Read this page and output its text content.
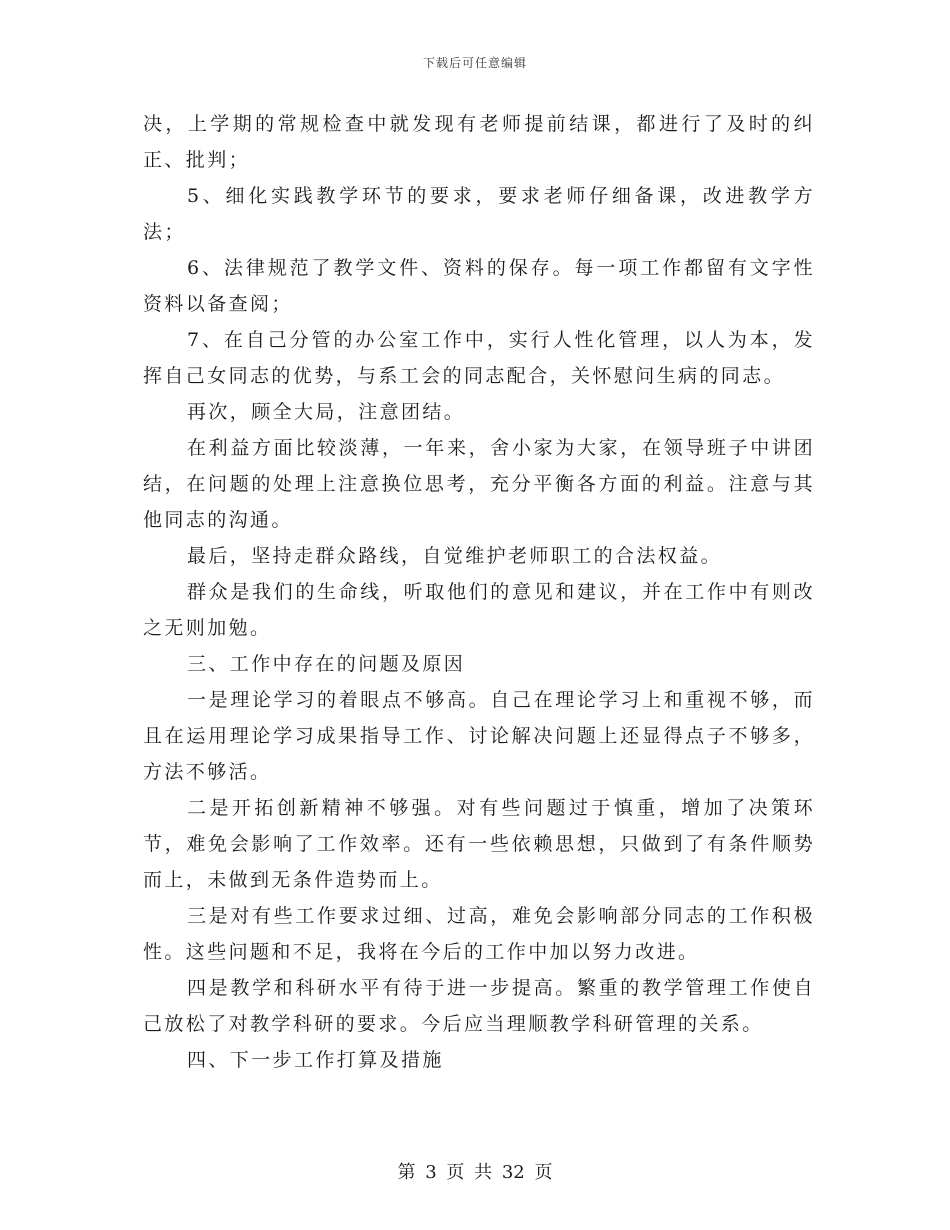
下载后可任意编辑

决，上学期的常规检查中就发现有老师提前结课，都进行了及时的纠正、批判；

5、细化实践教学环节的要求，要求老师仔细备课，改进教学方法；

6、法律规范了教学文件、资料的保存。每一项工作都留有文字性资料以备查阅；

7、在自己分管的办公室工作中，实行人性化管理，以人为本，发挥自己女同志的优势，与系工会的同志配合，关怀慰问生病的同志。

再次，顾全大局，注意团结。

在利益方面比较淡薄，一年来，舍小家为大家，在领导班子中讲团结，在问题的处理上注意换位思考，充分平衡各方面的利益。注意与其他同志的沟通。

最后，坚持走群众路线，自觉维护老师职工的合法权益。

群众是我们的生命线，听取他们的意见和建议，并在工作中有则改之无则加勉。

三、工作中存在的问题及原因

一是理论学习的着眼点不够高。自己在理论学习上和重视不够，而且在运用理论学习成果指导工作、讨论解决问题上还显得点子不够多，方法不够活。

二是开拓创新精神不够强。对有些问题过于慎重，增加了决策环节，难免会影响了工作效率。还有一些依赖思想，只做到了有条件顺势而上，未做到无条件造势而上。

三是对有些工作要求过细、过高，难免会影响部分同志的工作积极性。这些问题和不足，我将在今后的工作中加以努力改进。

四是教学和科研水平有待于进一步提高。繁重的教学管理工作使自己放松了对教学科研的要求。今后应当理顺教学科研管理的关系。

四、下一步工作打算及措施

第 3 页 共 32 页
